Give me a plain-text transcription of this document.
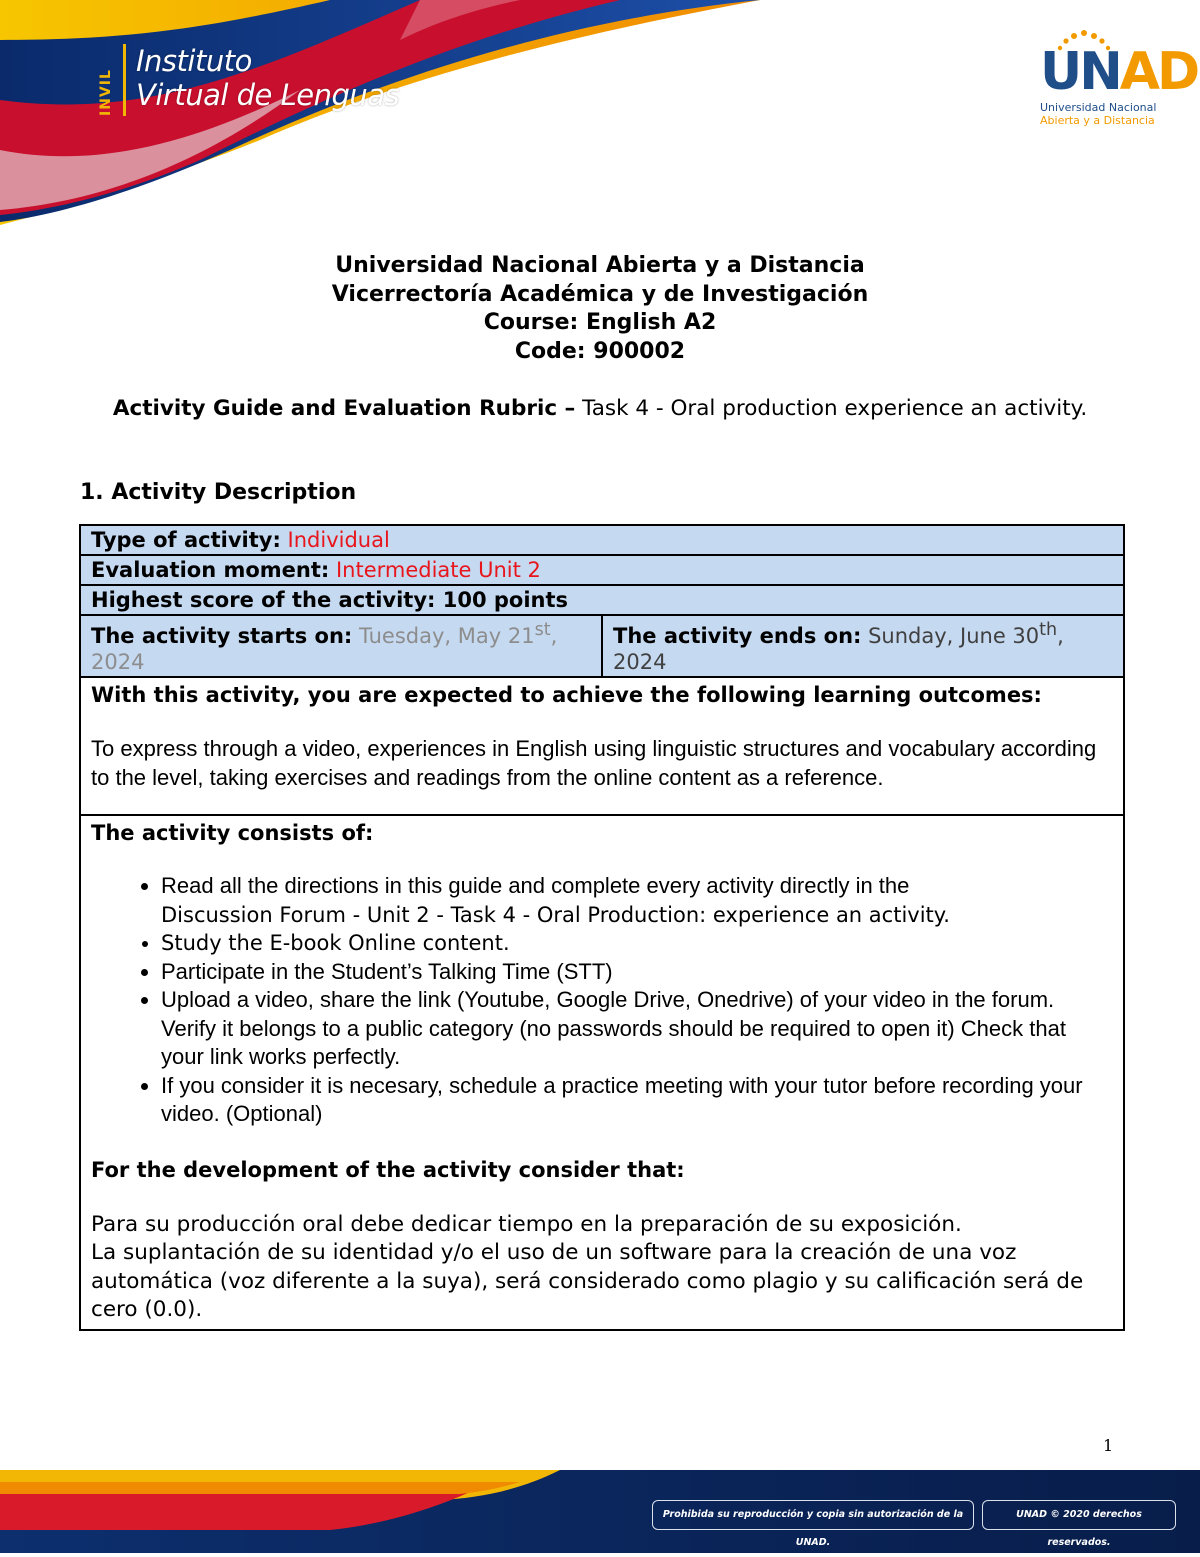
INVIL
Instituto
Virtual de Lenguas	UNAD
Universidad Nacional
Abierta y a Distancia
Universidad Nacional Abierta y a Distancia
Vicerrectoría Académica y de Investigación
Course: English A2
Code: 900002
Activity Guide and Evaluation Rubric – Task 4 - Oral production experience an activity.
1. Activity Description
Type of activity: Individual
Evaluation moment: Intermediate Unit 2
Highest score of the activity: 100 points
The activity starts on: Tuesday, May 21st, 2024	The activity ends on: Sunday, June 30th, 2024

With this activity, you are expected to achieve the following learning outcomes:
To express through a video, experiences in English using linguistic structures and vocabulary according to the level, taking exercises and readings from the online content as a reference.

The activity consists of:
• Read all the directions in this guide and complete every activity directly in the
Discussion Forum - Unit 2 - Task 4 - Oral Production: experience an activity.
• Study the E-book Online content.
• Participate in the Student’s Talking Time (STT)
• Upload a video, share the link (Youtube, Google Drive, Onedrive) of your video in the forum. Verify it belongs to a public category (no passwords should be required to open it) Check that your link works perfectly.
• If you consider it is necesary, schedule a practice meeting with your tutor before recording your video. (Optional)
For the development of the activity consider that:
Para su producción oral debe dedicar tiempo en la preparación de su exposición.
La suplantación de su identidad y/o el uso de un software para la creación de una voz automática (voz diferente a la suya), será considerado como plagio y su calificación será de cero (0.0).
1
Prohibida su reproducción y copia sin autorización de la UNAD.
UNAD © 2020 derechos reservados.
